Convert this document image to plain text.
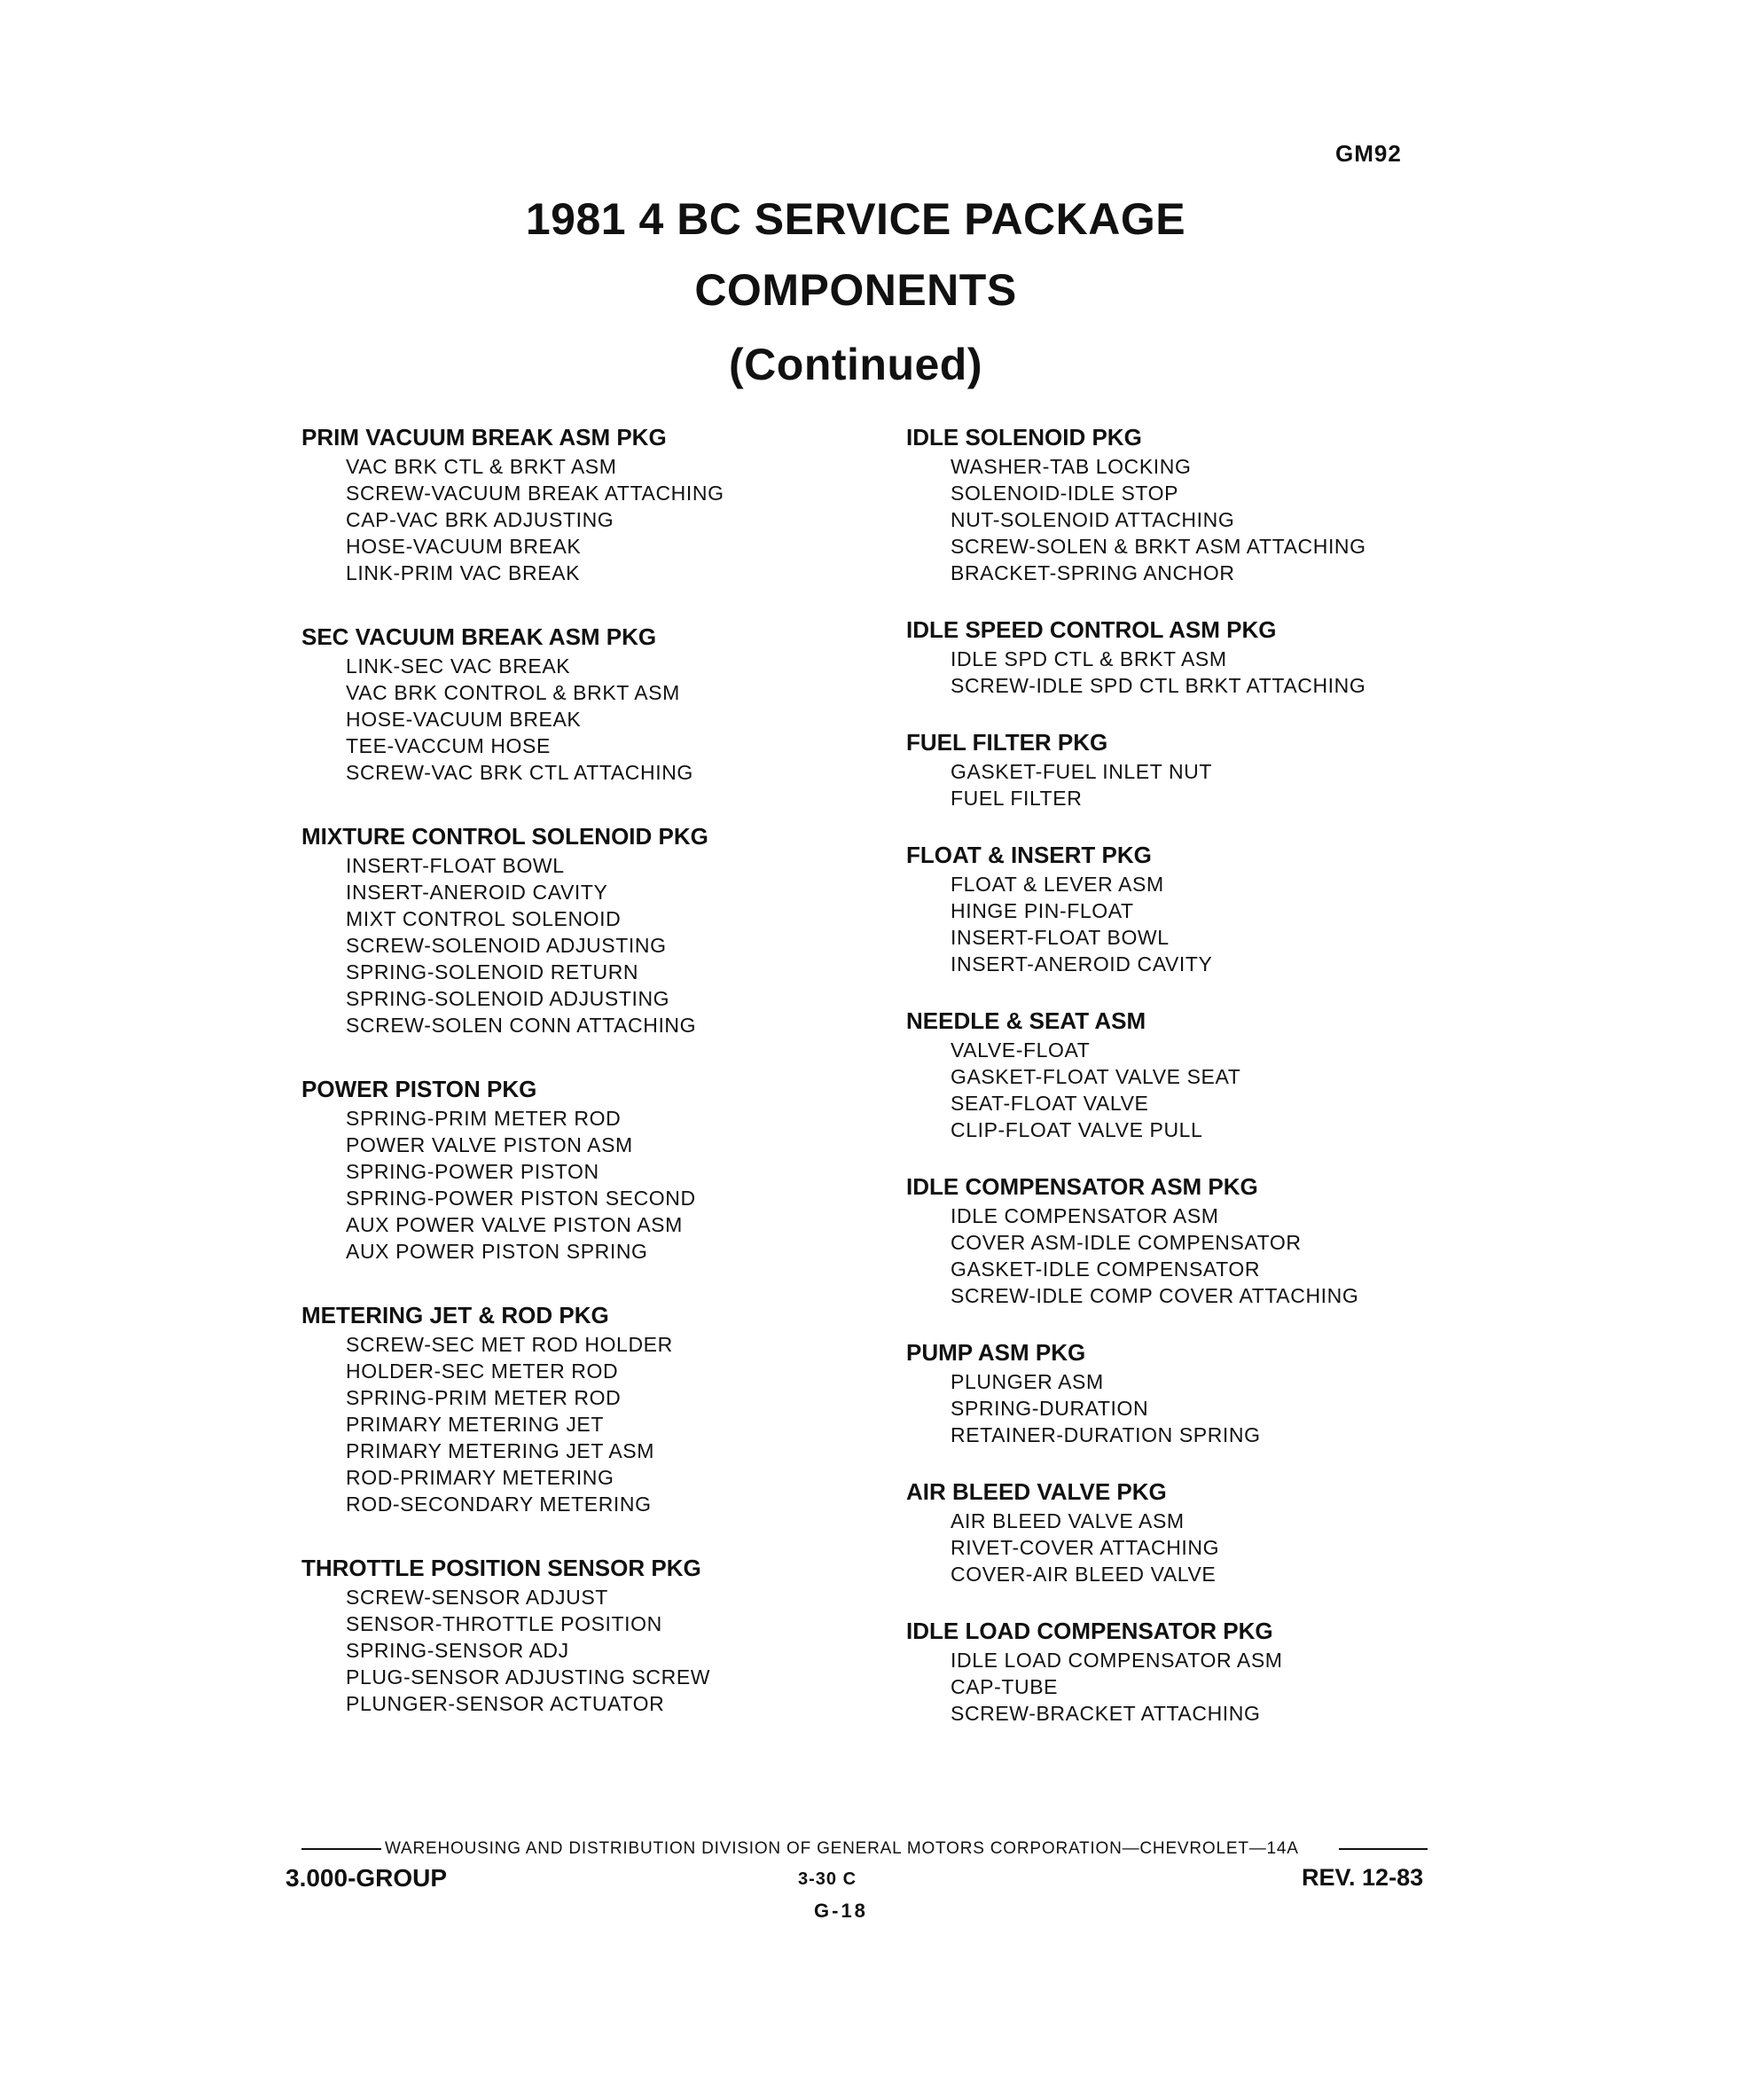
GM92
1981 4 BC SERVICE PACKAGE
COMPONENTS
(Continued)
PRIM VACUUM BREAK ASM PKG
VAC BRK CTL & BRKT ASM
SCREW-VACUUM BREAK ATTACHING
CAP-VAC BRK ADJUSTING
HOSE-VACUUM BREAK
LINK-PRIM VAC BREAK
SEC VACUUM BREAK ASM PKG
LINK-SEC VAC BREAK
VAC BRK CONTROL & BRKT ASM
HOSE-VACUUM BREAK
TEE-VACCUM HOSE
SCREW-VAC BRK CTL ATTACHING
MIXTURE CONTROL SOLENOID PKG
INSERT-FLOAT BOWL
INSERT-ANEROID CAVITY
MIXT CONTROL SOLENOID
SCREW-SOLENOID ADJUSTING
SPRING-SOLENOID RETURN
SPRING-SOLENOID ADJUSTING
SCREW-SOLEN CONN ATTACHING
POWER PISTON PKG
SPRING-PRIM METER ROD
POWER VALVE PISTON ASM
SPRING-POWER PISTON
SPRING-POWER PISTON SECOND
AUX POWER VALVE PISTON ASM
AUX POWER PISTON SPRING
METERING JET & ROD PKG
SCREW-SEC MET ROD HOLDER
HOLDER-SEC METER ROD
SPRING-PRIM METER ROD
PRIMARY METERING JET
PRIMARY METERING JET ASM
ROD-PRIMARY METERING
ROD-SECONDARY METERING
THROTTLE POSITION SENSOR PKG
SCREW-SENSOR ADJUST
SENSOR-THROTTLE POSITION
SPRING-SENSOR ADJ
PLUG-SENSOR ADJUSTING SCREW
PLUNGER-SENSOR ACTUATOR
IDLE SOLENOID PKG
WASHER-TAB LOCKING
SOLENOID-IDLE STOP
NUT-SOLENOID ATTACHING
SCREW-SOLEN & BRKT ASM ATTACHING
BRACKET-SPRING ANCHOR
IDLE SPEED CONTROL ASM PKG
IDLE SPD CTL & BRKT ASM
SCREW-IDLE SPD CTL BRKT ATTACHING
FUEL FILTER PKG
GASKET-FUEL INLET NUT
FUEL FILTER
FLOAT & INSERT PKG
FLOAT & LEVER ASM
HINGE PIN-FLOAT
INSERT-FLOAT BOWL
INSERT-ANEROID CAVITY
NEEDLE & SEAT ASM
VALVE-FLOAT
GASKET-FLOAT VALVE SEAT
SEAT-FLOAT VALVE
CLIP-FLOAT VALVE PULL
IDLE COMPENSATOR ASM PKG
IDLE COMPENSATOR ASM
COVER ASM-IDLE COMPENSATOR
GASKET-IDLE COMPENSATOR
SCREW-IDLE COMP COVER ATTACHING
PUMP ASM PKG
PLUNGER ASM
SPRING-DURATION
RETAINER-DURATION SPRING
AIR BLEED VALVE PKG
AIR BLEED VALVE ASM
RIVET-COVER ATTACHING
COVER-AIR BLEED VALVE
IDLE LOAD COMPENSATOR PKG
IDLE LOAD COMPENSATOR ASM
CAP-TUBE
SCREW-BRACKET ATTACHING
WAREHOUSING AND DISTRIBUTION DIVISION OF GENERAL MOTORS CORPORATION—CHEVROLET—14A
3.000-GROUP	3-30 C	REV. 12-83
G-18
